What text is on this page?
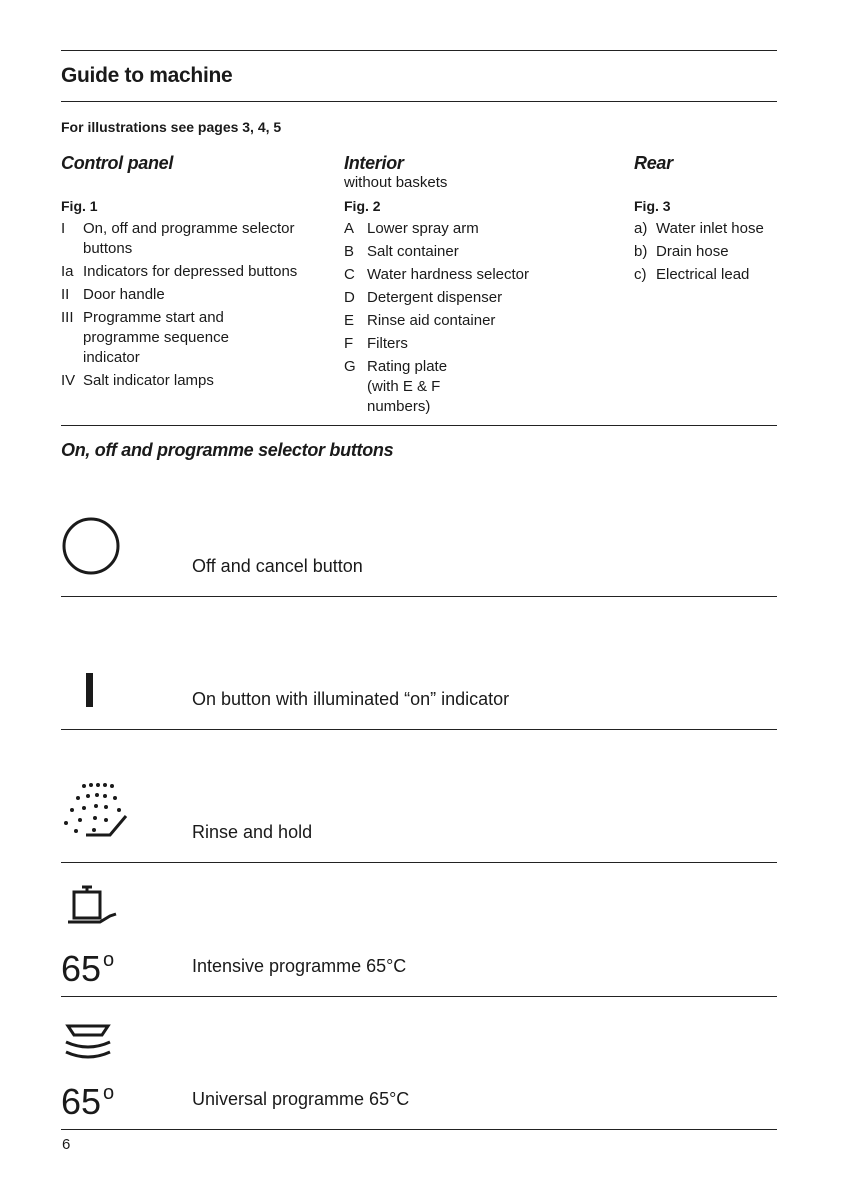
Guide to machine
For illustrations see pages 3, 4, 5
Control panel
Fig. 1
I	On, off and programme selector buttons
Ia Indicators for depressed buttons
II Door handle
III Programme start and programme sequence indicator
IV Salt indicator lamps
Interior
without baskets
Fig. 2
A Lower spray arm
B Salt container
C Water hardness selector
D Detergent dispenser
E Rinse aid container
F Filters
G Rating plate (with E & F numbers)
Rear
Fig. 3
a) Water inlet hose
b) Drain hose
c) Electrical lead
On, off and programme selector buttons
Off and cancel button
On button with illuminated “on” indicator
Rinse and hold
65 $^o$	Intensive programme 65°C
65 $^o$	Universal programme 65°C
6
